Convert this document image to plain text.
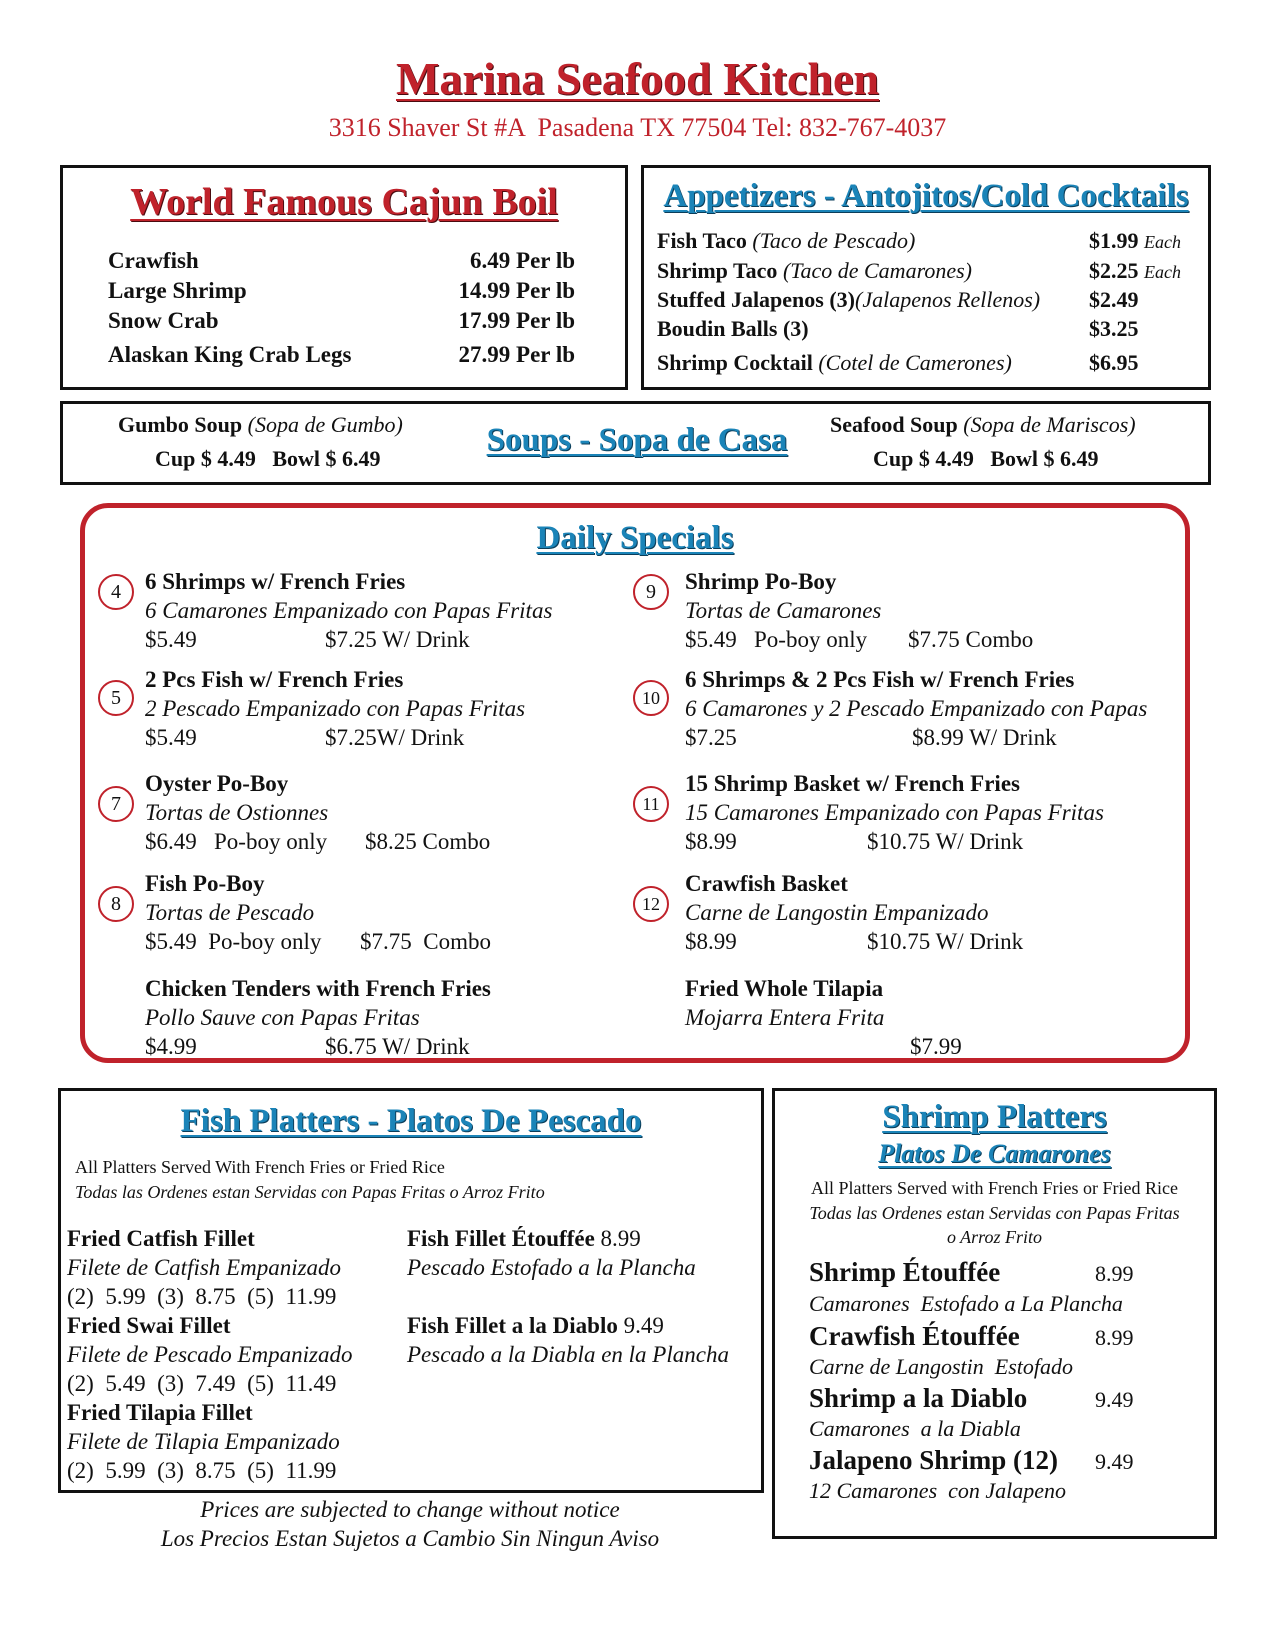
Marina Seafood Kitchen
3316 Shaver St #A  Pasadena TX 77504 Tel: 832-767-4037
World Famous Cajun Boil
Crawfish	6.49 Per lb
Large Shrimp	14.99 Per lb
Snow Crab	17.99 Per lb
Alaskan King Crab Legs	27.99 Per lb
Appetizers - Antojitos/Cold Cocktails
Fish Taco (Taco de Pescado)	$1.99 Each
Shrimp Taco (Taco de Camarones)	$2.25 Each
Stuffed Jalapenos (3)(Jalapenos Rellenos) $2.49
Boudin Balls (3)	$3.25
Shrimp Cocktail (Cotel de Camerones)	$6.95
Gumbo Soup (Sopa de Gumbo)
Cup $ 4.49   Bowl $ 6.49
Soups - Sopa de Casa	Seafood Soup (Sopa de Mariscos)
Cup $ 4.49   Bowl $ 6.49
Daily Specials
4	6 Shrimps w/ French Fries
6 Camarones Empanizado con Papas Fritas
$5.49	$7.25 W/ Drink
5
2 Pcs Fish w/ French Fries
2 Pescado Empanizado con Papas Fritas
$5.49	$7.25W/ Drink
7
Oyster Po-Boy
Tortas de Ostionnes
$6.49   Po-boy only $8.25 Combo
8
Fish Po-Boy
Tortas de Pescado
$5.49  Po-boy only $7.75  Combo
Chicken Tenders with French Fries
Pollo Sauve con Papas Fritas
$4.99	$6.75 W/ Drink
9	Shrimp Po-Boy
Tortas de Camarones
$5.49   Po-boy only $7.75 Combo
10
6 Shrimps & 2 Pcs Fish w/ French Fries
6 Camarones y 2 Pescado Empanizado con Papas
$7.25	$8.99 W/ Drink
11
15 Shrimp Basket w/ French Fries
15 Camarones Empanizado con Papas Fritas
$8.99	$10.75 W/ Drink
12
Crawfish Basket
Carne de Langostin Empanizado
$8.99	$10.75 W/ Drink
Fried Whole Tilapia
Mojarra Entera Frita
$7.99
Fish Platters - Platos De Pescado
All Platters Served With French Fries or Fried Rice
Todas las Ordenes estan Servidas con Papas Fritas o Arroz Frito
Fried Catfish Fillet
Filete de Catfish Empanizado
(2)  5.99  (3)  8.75  (5)  11.99
Fried Swai Fillet
Filete de Pescado Empanizado
(2)  5.49  (3)  7.49  (5)  11.49
Fried Tilapia Fillet
Filete de Tilapia Empanizado
(2)  5.99  (3)  8.75  (5)  11.99
Fish Fillet Étouffée 8.99
Pescado Estofado a la Plancha
Fish Fillet a la Diablo 9.49
Pescado a la Diabla en la Plancha
Shrimp Platters
Platos De Camarones
All Platters Served with French Fries or Fried Rice
Todas las Ordenes estan Servidas con Papas Fritas
o Arroz Frito
Shrimp Étouffée	8.99
Camarones  Estofado a La Plancha
Crawfish Étouffée	8.99
Carne de Langostin  Estofado
Shrimp a la Diablo	9.49
Camarones  a la Diabla
Jalapeno Shrimp (12) 9.49
12 Camarones  con Jalapeno
Prices are subjected to change without notice
Los Precios Estan Sujetos a Cambio Sin Ningun Aviso
